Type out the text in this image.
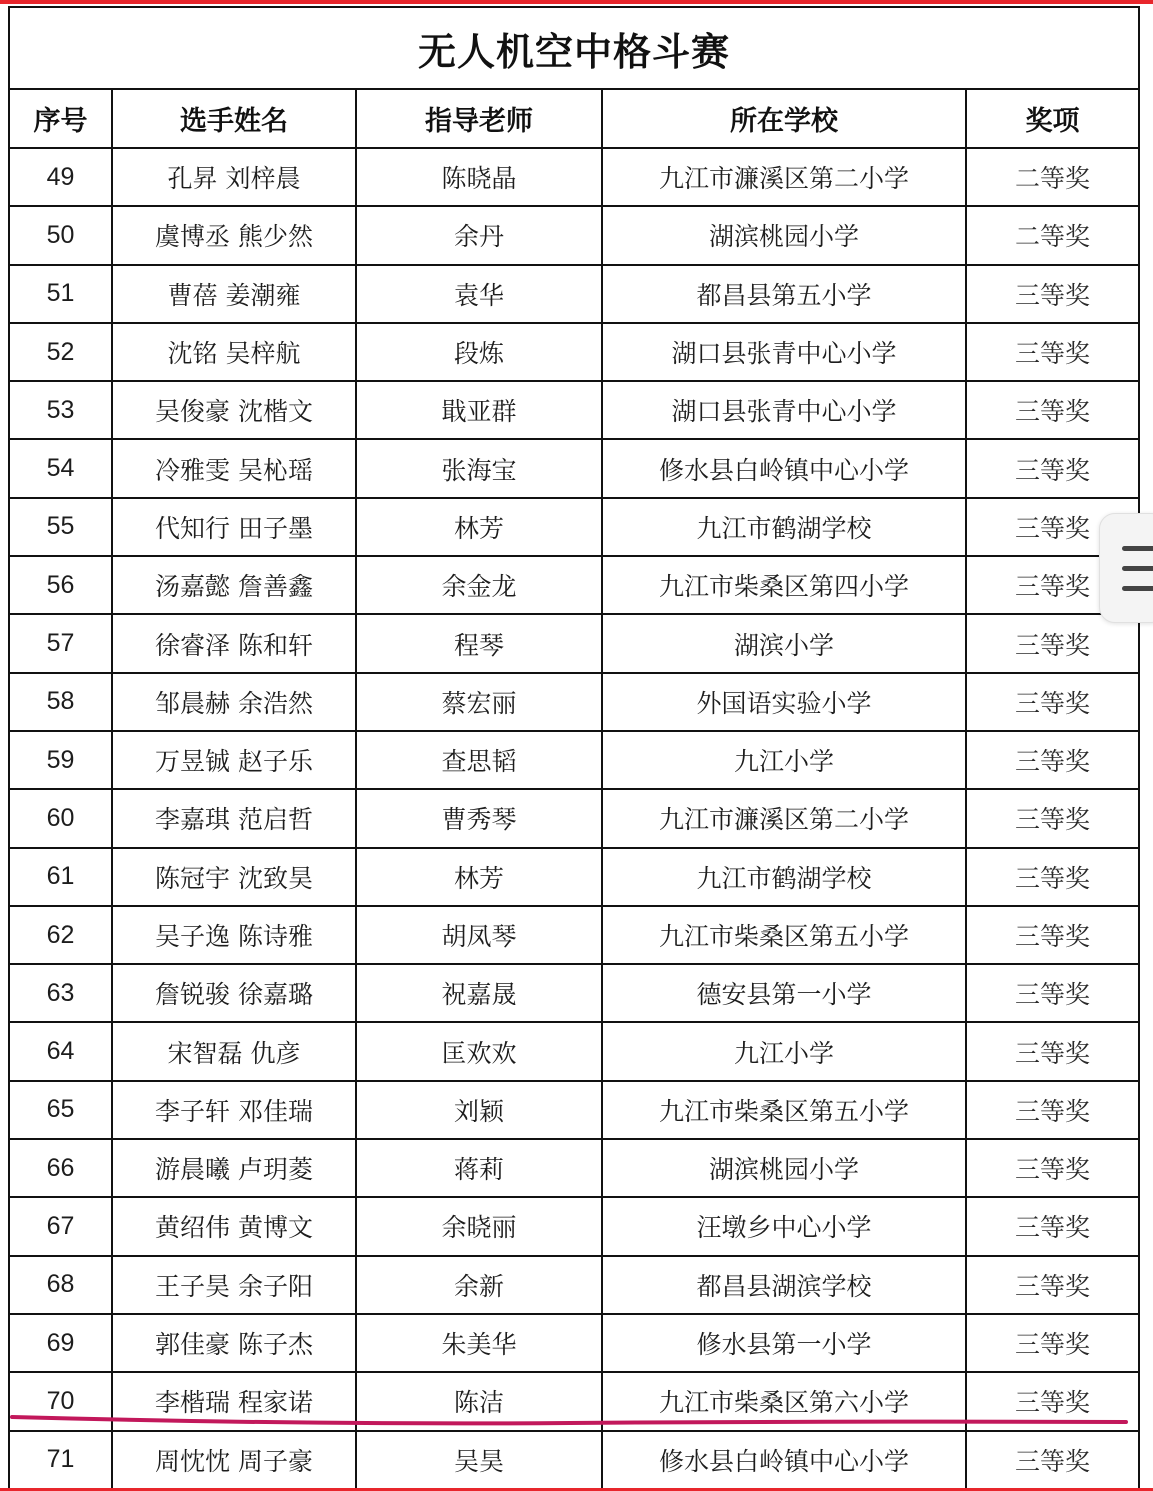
无人机空中格斗赛
序号	选手姓名	指导老师	所在学校	奖项
49	孔昇 刘梓晨	陈晓晶	九江市濂溪区第二小学	二等奖
50	虞博丞 熊少然	余丹	湖滨桃园小学	二等奖
51	曹蓓 姜潮雍	袁华	都昌县第五小学	三等奖
52	沈铭 吴梓航	段炼	湖口县张青中心小学	三等奖
53	吴俊豪 沈楷文	戢亚群	湖口县张青中心小学	三等奖
54	冷雅雯 吴杺瑶	张海宝	修水县白岭镇中心小学	三等奖
55	代知行 田子墨	林芳	九江市鹤湖学校	三等奖
56	汤嘉懿 詹善鑫	余金龙	九江市柴桑区第四小学	三等奖
57	徐睿泽 陈和轩	程琴	湖滨小学	三等奖
58	邹晨赫 余浩然	蔡宏丽	外国语实验小学	三等奖
59	万昱铖 赵子乐	查思韬	九江小学	三等奖
60	李嘉琪 范启哲	曹秀琴	九江市濂溪区第二小学	三等奖
61	陈冠宇 沈致昊	林芳	九江市鹤湖学校	三等奖
62	吴子逸 陈诗雅	胡凤琴	九江市柴桑区第五小学	三等奖
63	詹锐骏 徐嘉璐	祝嘉晟	德安县第一小学	三等奖
64	宋智磊 仇彦	匡欢欢	九江小学	三等奖
65	李子轩 邓佳瑞	刘颖	九江市柴桑区第五小学	三等奖
66	游晨曦 卢玥菱	蒋莉	湖滨桃园小学	三等奖
67	黄绍伟 黄博文	余晓丽	汪墩乡中心小学	三等奖
68	王子昊 余子阳	余新	都昌县湖滨学校	三等奖
69	郭佳豪 陈子杰	朱美华	修水县第一小学	三等奖
70	李楷瑞 程家诺	陈洁	九江市柴桑区第六小学	三等奖
71	周忱忱 周子豪	吴昊	修水县白岭镇中心小学	三等奖
